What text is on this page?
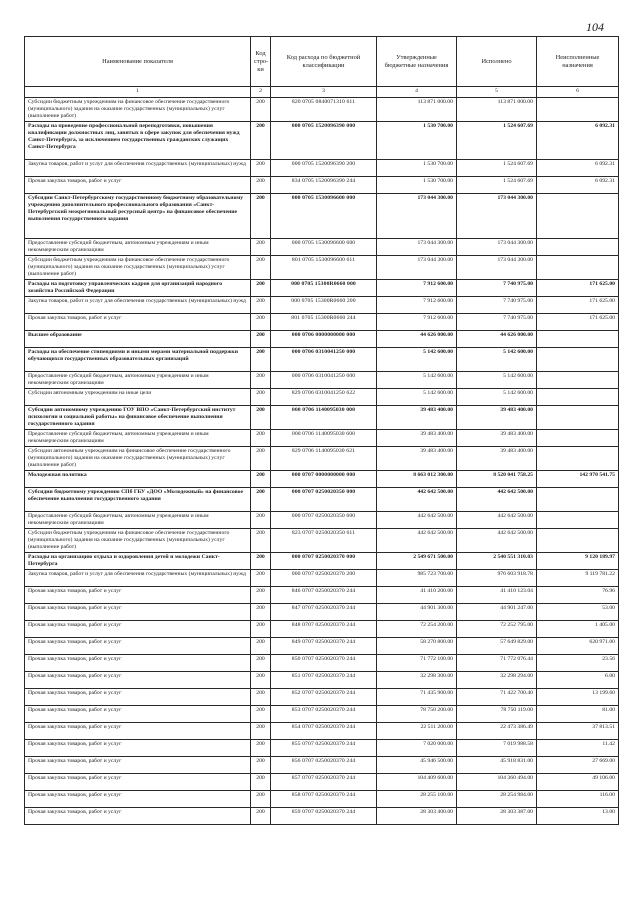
104
Наименование показателя	Код стро-ки	Код расхода по бюджетной классификации	Утвержденные бюджетные назначения	Исполнено	Неисполненные назначения
1	2	3	4	5	6
Субсидии бюджетным учреждениям на финансовое обеспечение государственного (муниципального) задания на оказание государственных (муниципальных) услуг (выполнение работ)	200	820 0705 0840071310 611	113 871 000.00	113 871 000.00	
Расходы на проведение профессиональной переподготовки, повышения квалификации должностных лиц, занятых в сфере закупок для обеспечения нужд Санкт-Петербурга, за исключением государственных гражданских служащих Санкт-Петербурга	200	000 0705 1520096390 000	1 530 700.00	1 524 607.69	6 092.31
Закупка товаров, работ и услуг для обеспечения государственных (муниципальных) нужд	200	000 0705 1520096390 200	1 530 700.00	1 524 607.69	6 092.31
Прочая закупка товаров, работ и услуг	200	834 0705 1520096390 244	1 530 700.00	1 524 607.69	6 092.31
Субсидии Санкт-Петербургскому государственному бюджетному образовательному учреждению дополнительного профессионального образования «Санкт-Петербургский межрегиональный ресурсный центр» на финансовое обеспечение выполнения государственного задания	200	000 0705 1530096600 000	173 044 300.00	173 044 300.00	
Предоставление субсидий бюджетным, автономным учреждениям и иным некоммерческим организациям	200	000 0705 1530096600 600	173 044 300.00	173 044 300.00	
Субсидии бюджетным учреждениям на финансовое обеспечение государственного (муниципального) задания на оказание государственных (муниципальных) услуг (выполнение работ)	200	801 0705 1530096600 611	173 044 300.00	173 044 300.00	
Расходы на подготовку управленческих кадров для организаций народного хозяйства Российской Федерации	200	000 0705 15300R0660 000	7 912 600.00	7 740 975.00	171 625.00
Закупка товаров, работ и услуг для обеспечения государственных (муниципальных) нужд	200	000 0705 15300R0660 200	7 912 600.00	7 740 975.00	171 625.00
Прочая закупка товаров, работ и услуг	200	801 0705 15300R0660 244	7 912 600.00	7 740 975.00	171 625.00
Высшее образование	200	000 0706 0000000000 000	44 626 000.00	44 626 000.00	
Расходы на обеспечение стипендиями и иными мерами материальной поддержки обучающихся государственных образовательных организаций	200	000 0706 0310041250 000	5 142 600.00	5 142 600.00	
Предоставление субсидий бюджетным, автономным учреждениям и иным некоммерческим организациям	200	000 0706 0310041250 600	5 142 600.00	5 142 600.00	
Субсидии автономным учреждениям на иные цели	200	829 0706 0310041250 622	5 142 600.00	5 142 600.00	
Субсидии автономному учреждению ГОУ ВПО «Санкт-Петербургский институт психологии и социальной работы» на финансовое обеспечение выполнения государственного задания	200	000 0706 1140095030 000	39 483 400.00	39 483 400.00	
Предоставление субсидий бюджетным, автономным учреждениям и иным некоммерческим организациям	200	000 0706 1140095030 600	39 483 400.00	39 483 400.00	
Субсидии автономным учреждениям на финансовое обеспечение государственного (муниципального) задания на оказание государственных (муниципальных) услуг (выполнение работ)	200	829 0706 1140095030 621	39 483 400.00	39 483 400.00	
Молодежная политика	200	000 0707 0000000000 000	8 663 012 300.00	8 520 041 758.25	142 970 541.75
Субсидии бюджетному учреждению СПб ГБУ «ДОО «Молодежный» на финансовое обеспечение выполнения государственного задания	200	000 0707 0250020350 000	442 642 500.00	442 642 500.00	
Предоставление субсидий бюджетным, автономным учреждениям и иным некоммерческим организациям	200	000 0707 0250020350 600	442 642 500.00	442 642 500.00	
Субсидии бюджетным учреждениям на финансовое обеспечение государственного (муниципального) задания на оказание государственных (муниципальных) услуг (выполнение работ)	200	823 0707 0250020350 611	442 642 500.00	442 642 500.00	
Расходы на организацию отдыха и оздоровления детей и молодежи Санкт-Петербурга	200	000 0707 0250020370 000	2 549 671 500.00	2 540 551 310.03	9 120 189.97
Закупка товаров, работ и услуг для обеспечения государственных (муниципальных) нужд	200	000 0707 0250020370 200	985 723 700.00	976 603 918.78	9 119 781.22
Прочая закупка товаров, работ и услуг	200	846 0707 0250020370 244	41 410 200.00	41 410 123.04	76.96
Прочая закупка товаров, работ и услуг	200	847 0707 0250020370 244	44 901 300.00	44 901 247.00	53.00
Прочая закупка товаров, работ и услуг	200	848 0707 0250020370 244	72 254 200.00	72 252 795.00	1 405.00
Прочая закупка товаров, работ и услуг	200	849 0707 0250020370 244	58 270 800.00	57 649 829.00	620 971.00
Прочая закупка товаров, работ и услуг	200	850 0707 0250020370 244	71 772 100.00	71 772 076.44	23.56
Прочая закупка товаров, работ и услуг	200	851 0707 0250020370 244	32 298 300.00	32 298 294.00	6.00
Прочая закупка товаров, работ и услуг	200	852 0707 0250020370 244	71 435 900.00	71 422 700.40	13 199.60
Прочая закупка товаров, работ и услуг	200	853 0707 0250020370 244	78 750 200.00	78 750 119.00	81.00
Прочая закупка товаров, работ и услуг	200	854 0707 0250020370 244	22 511 200.00	22 473 386.49	37 813.51
Прочая закупка товаров, работ и услуг	200	855 0707 0250020370 244	7 020 000.00	7 019 988.58	11.42
Прочая закупка товаров, работ и услуг	200	856 0707 0250020370 244	45 946 500.00	45 918 831.00	27 669.00
Прочая закупка товаров, работ и услуг	200	857 0707 0250020370 244	104 409 600.00	104 360 494.00	49 106.00
Прочая закупка товаров, работ и услуг	200	858 0707 0250020370 244	28 255 100.00	28 254 984.00	116.00
Прочая закупка товаров, работ и услуг	200	859 0707 0250020370 244	28 303 400.00	28 303 387.00	13.00
